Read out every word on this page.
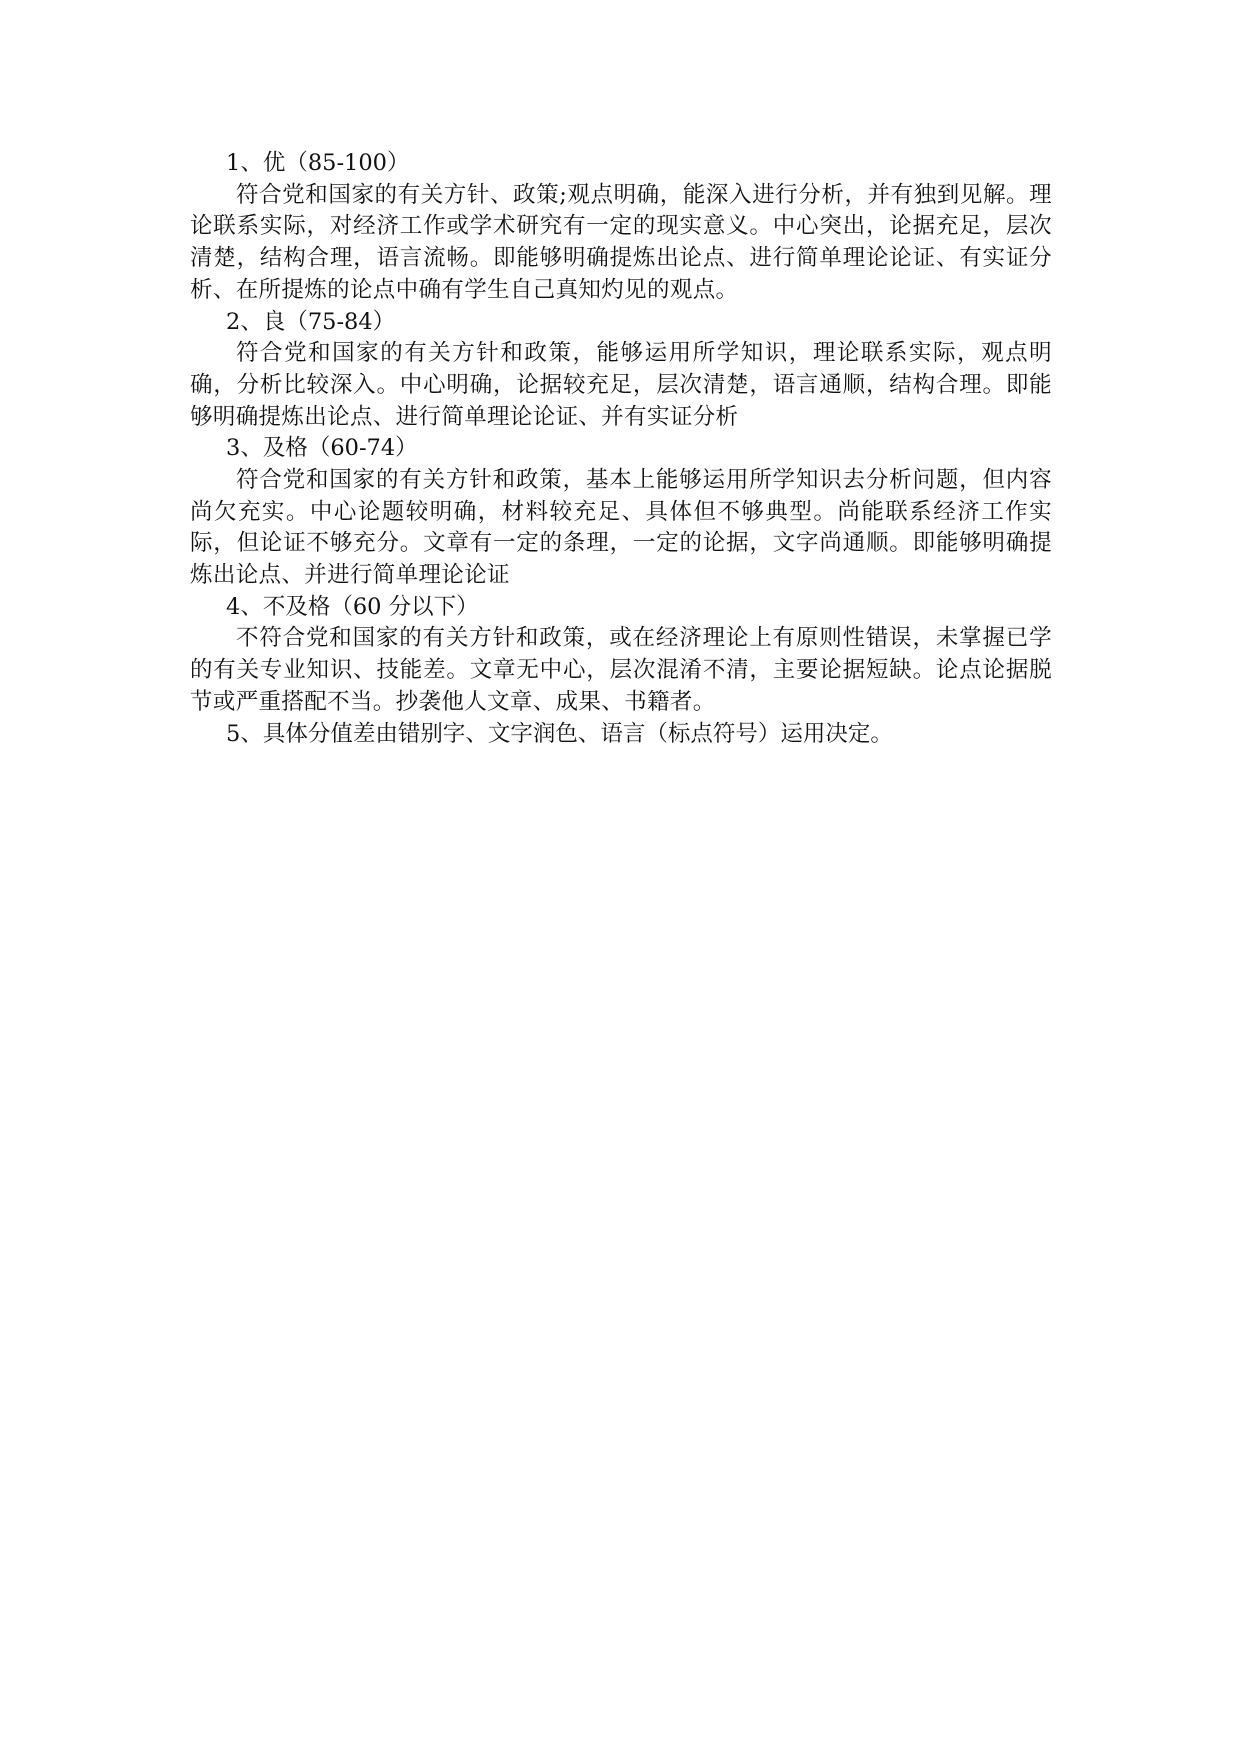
1、优（85-100）

符合党和国家的有关方针、政策;观点明确，能深入进行分析，并有独到见解。理论联系实际，对经济工作或学术研究有一定的现实意义。中心突出，论据充足，层次清楚，结构合理，语言流畅。即能够明确提炼出论点、进行简单理论论证、有实证分析、在所提炼的论点中确有学生自己真知灼见的观点。

2、良（75-84）

符合党和国家的有关方针和政策，能够运用所学知识，理论联系实际，观点明确，分析比较深入。中心明确，论据较充足，层次清楚，语言通顺，结构合理。即能够明确提炼出论点、进行简单理论论证、并有实证分析

3、及格（60-74）

符合党和国家的有关方针和政策，基本上能够运用所学知识去分析问题，但内容尚欠充实。中心论题较明确，材料较充足、具体但不够典型。尚能联系经济工作实际，但论证不够充分。文章有一定的条理，一定的论据，文字尚通顺。即能够明确提炼出论点、并进行简单理论论证

4、不及格（60 分以下）

不符合党和国家的有关方针和政策，或在经济理论上有原则性错误，未掌握已学的有关专业知识、技能差。文章无中心，层次混淆不清，主要论据短缺。论点论据脱节或严重搭配不当。抄袭他人文章、成果、书籍者。

5、具体分值差由错别字、文字润色、语言（标点符号）运用决定。
